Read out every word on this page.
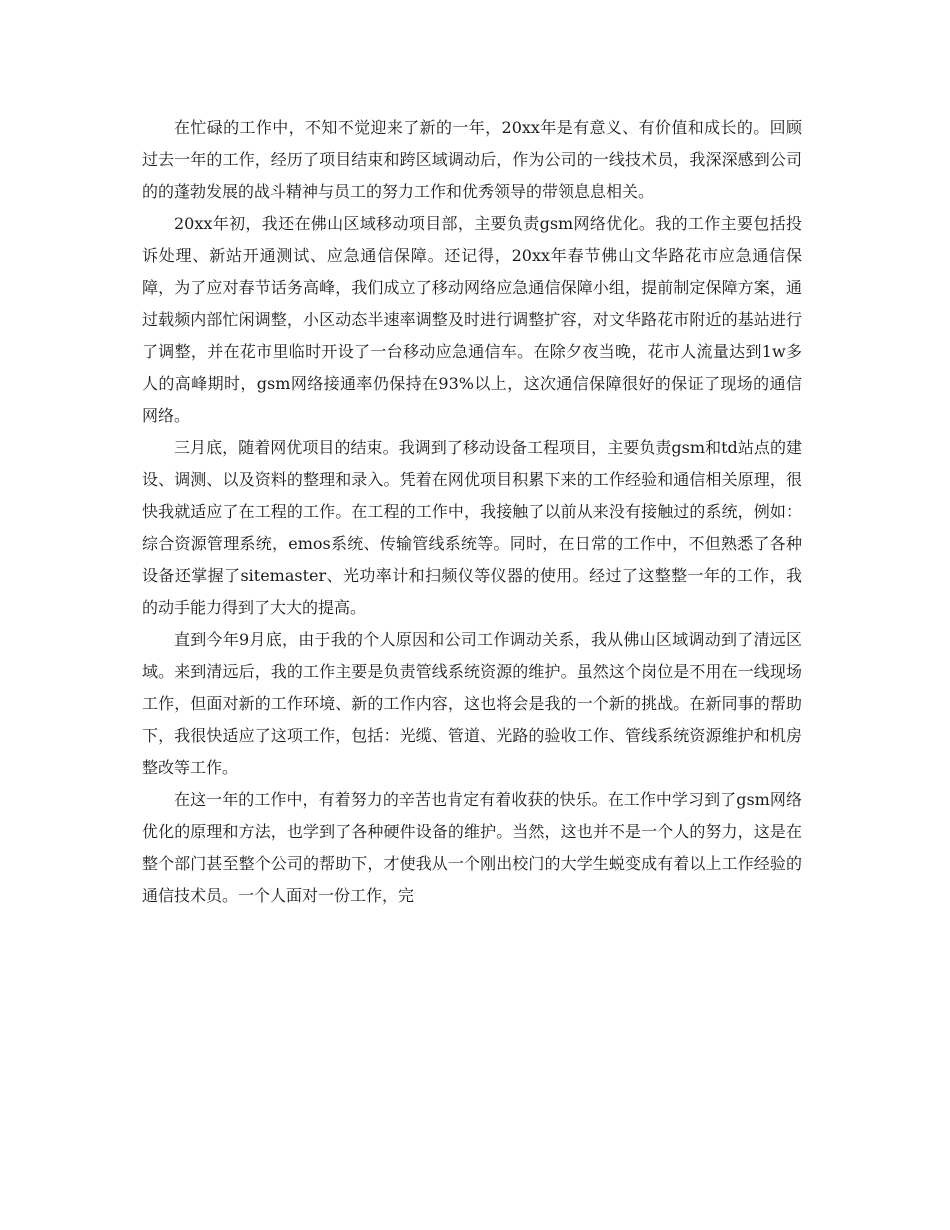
在忙碌的工作中，不知不觉迎来了新的一年，20xx年是有意义、有价值和成长的。回顾过去一年的工作，经历了项目结束和跨区域调动后，作为公司的一线技术员，我深深感到公司的的蓬勃发展的战斗精神与员工的努力工作和优秀领导的带领息息相关。

20xx年初，我还在佛山区域移动项目部，主要负责gsm网络优化。我的工作主要包括投诉处理、新站开通测试、应急通信保障。还记得，20xx年春节佛山文华路花市应急通信保障，为了应对春节话务高峰，我们成立了移动网络应急通信保障小组，提前制定保障方案，通过载频内部忙闲调整，小区动态半速率调整及时进行调整扩容，对文华路花市附近的基站进行了调整，并在花市里临时开设了一台移动应急通信车。在除夕夜当晚，花市人流量达到1w多人的高峰期时，gsm网络接通率仍保持在93%以上，这次通信保障很好的保证了现场的通信网络。

三月底，随着网优项目的结束。我调到了移动设备工程项目，主要负责gsm和td站点的建设、调测、以及资料的整理和录入。凭着在网优项目积累下来的工作经验和通信相关原理，很快我就适应了在工程的工作。在工程的工作中，我接触了以前从来没有接触过的系统，例如：综合资源管理系统，emos系统、传输管线系统等。同时，在日常的工作中，不但熟悉了各种设备还掌握了sitemaster、光功率计和扫频仪等仪器的使用。经过了这整整一年的工作，我的动手能力得到了大大的提高。

直到今年9月底，由于我的个人原因和公司工作调动关系，我从佛山区域调动到了清远区域。来到清远后，我的工作主要是负责管线系统资源的维护。虽然这个岗位是不用在一线现场工作，但面对新的工作环境、新的工作内容，这也将会是我的一个新的挑战。在新同事的帮助下，我很快适应了这项工作，包括：光缆、管道、光路的验收工作、管线系统资源维护和机房整改等工作。

在这一年的工作中，有着努力的辛苦也肯定有着收获的快乐。在工作中学习到了gsm网络优化的原理和方法，也学到了各种硬件设备的维护。当然，这也并不是一个人的努力，这是在整个部门甚至整个公司的帮助下，才使我从一个刚出校门的大学生蜕变成有着以上工作经验的通信技术员。一个人面对一份工作，完
